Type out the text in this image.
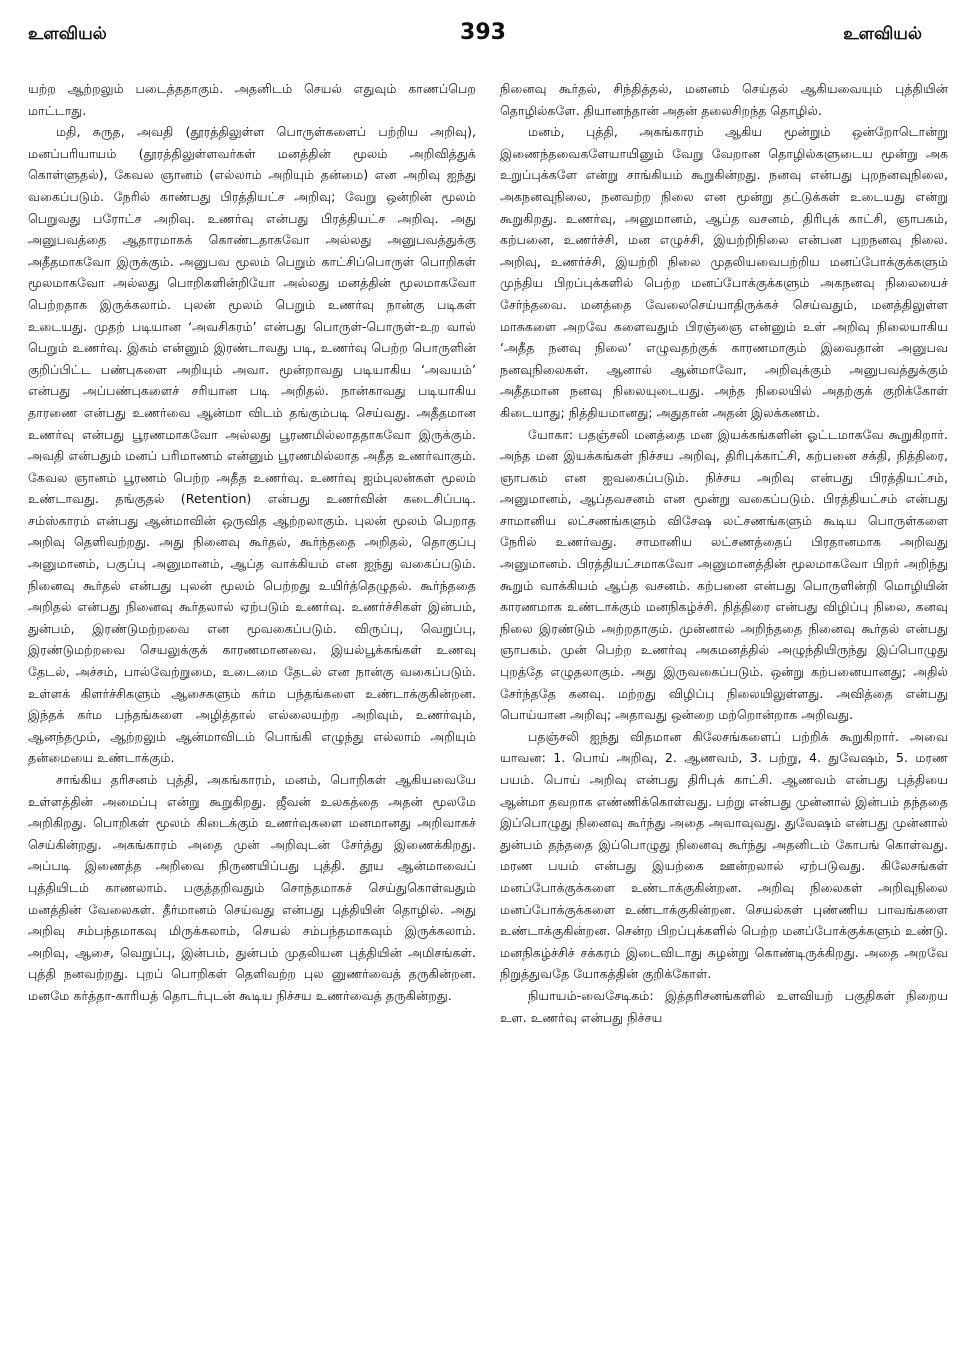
உளவியல்	393	உளவியல்

யற்ற ஆற்றலும் படைத்ததாகும். அதனிடம் செயல் எதுவும் காணப்பெற மாட்டாது.

மதி, சுருத, அவதி (தூரத்திலுள்ள பொருள்களைப் பற்றிய அறிவு), மனப்பரியாயம் (தூரத்திலுள்ளவர்கள் மனத்தின் மூலம் அறிவித்துக் கொள்ளுதல்), கேவல ஞானம் (எல்லாம் அறியும் தன்மை) என அறிவு ஐந்து வகைப்படும். நேரில் காண்பது பிரத்தியட்ச அறிவு; வேறு ஒன்றின் மூலம் பெறுவது பரோட்ச அறிவு. உணர்வு என்பது பிரத்தியட்ச அறிவு. அது அனுபவத்தை ஆதாரமாகக் கொண்டதாகவோ அல்லது அனுபவத்துக்கு அதீதமாகவோ இருக்கும். அனுபவ மூலம் பெறும் காட்சிப்பொருள் பொறிகள் மூலமாகவோ அல்லது பொறிகளின்றியோ அல்லது மனத்தின் மூலமாகவோ பெற்றதாக இருக்கலாம். புலன் மூலம் பெறும் உணர்வு நான்கு படிகள் உடையது. முதற் படியான ‘அவசிகரம்’ என்பது பொருள்-பொருள்-உற வால் பெறும் உணர்வு. இகம் என்னும் இரண்டாவது படி, உணர்வு பெற்ற பொருளின் குறிப்பிட்ட பண்புகளை அறியும் அவா. மூன்றாவது படியாகிய ‘அவயம்’ என்பது அப்பண்புகளைச் சரியான படி அறிதல். நான்காவது படியாகிய தாரணை என்பது உணர்வை ஆன்மா விடம் தங்கும்படி செய்வது. அதீதமான உணர்வு என்பது பூரணமாகவோ அல்லது பூரணமில்லாததாகவோ இருக்கும். அவதி என்பதும் மனப் பரிமாணம் என்னும் பூரணமில்லாத அதீத உணர்வாகும். கேவல ஞானம் பூரணம் பெற்ற அதீத உணர்வு. உணர்வு ஐம்புலன்கள் மூலம் உண்டாவது. தங்குதல் (Retention) என்பது உணர்வின் கடைசிப்படி. சம்ஸ்காரம் என்பது ஆன்மாவின் ஒருவித ஆற்றலாகும். புலன் மூலம் பெறாத அறிவு தெளிவற்றது. அது நினைவு கூர்தல், கூர்ந்ததை அறிதல், தொகுப்பு அனுமானம், பகுப்பு அனுமானம், ஆப்த வாக்கியம் என ஐந்து வகைப்படும். நினைவு கூர்தல் என்பது புலன் மூலம் பெற்றது உயிர்த்தெழுதல். கூர்ந்ததை அறிதல் என்பது நினைவு கூர்தலால் ஏற்படும் உணர்வு. உணர்ச்சிகள் இன்பம், துன்பம், இரண்டுமற்றவை என மூவகைப்படும். விருப்பு, வெறுப்பு, இரண்டுமற்றவை செயலுக்குக் காரணமானவை. இயல்பூக்கங்கள் உணவு தேடல், அச்சம், பால்வேற்றுமை, உடைமை தேடல் என நான்கு வகைப்படும். உள்ளக் கிளர்ச்சிகளும் ஆசைகளும் கர்ம பந்தங்களை உண்டாக்குகின்றன. இந்தக் கர்ம பந்தங்களை அழித்தால் எல்லையற்ற அறிவும், உணர்வும், ஆனந்தமும், ஆற்றலும் ஆன்மாவிடம் பொங்கி எழுந்து எல்லாம் அறியும் தன்மையை உண்டாக்கும்.

சாங்கிய தரிசனம் புத்தி, அகங்காரம், மனம், பொறிகள் ஆகியவையே உள்ளத்தின் அமைப்பு என்று கூறுகிறது. ஜீவன் உலகத்தை அதன் மூலமே அறிகிறது. பொறிகள் மூலம் கிடைக்கும் உணர்வுகளை மனமானது அறிவாகச் செய்கின்றது. அகங்காரம் அதை முன் அறிவுடன் சேர்த்து இணைக்கிறது. அப்படி இணைத்த அறிவை நிருணயிப்பது புத்தி. தூய ஆன்மாவைப் புத்தியிடம் காணலாம். பகுத்தறிவதும் சொந்தமாகச் செய்துகொள்வதும் மனத்தின் வேலைகள். தீர்மானம் செய்வது என்பது புத்தியின் தொழில். அது அறிவு சம்பந்தமாகவு மிருக்கலாம், செயல் சம்பந்தமாகவும் இருக்கலாம். அறிவு, ஆசை, வெறுப்பு, இன்பம், துன்பம் முதலியன புத்தியின் அமிசங்கள். புத்தி நனவற்றது. புறப் பொறிகள் தெளிவற்ற புல னுணர்வைத் தருகின்றன. மனமே கர்த்தா-காரியத் தொடர்புடன் கூடிய நிச்சய உணர்வைத் தருகின்றது.

நினைவு கூர்தல், சிந்தித்தல், மனனம் செய்தல் ஆகியவையும் புத்தியின் தொழில்களே. தியானந்தான் அதன் தலைசிறந்த தொழில்.

மனம், புத்தி, அகங்காரம் ஆகிய மூன்றும் ஒன்றோடொன்று இணைந்தவைகளேயாயினும் வேறு வேறான தொழில்களுடைய மூன்று அக உறுப்புக்களே என்று சாங்கியம் கூறுகின்றது. நனவு என்பது புறநனவுநிலை, அகநனவுநிலை, நனவற்ற நிலை என மூன்று தட்டுக்கள் உடையது என்று கூறுகிறது. உணர்வு, அனுமானம், ஆப்த வசனம், திரிபுக் காட்சி, ஞாபகம், கற்பனை, உணர்ச்சி, மன எழுச்சி, இயற்றிநிலை என்பன புறநனவு நிலை. அறிவு, உணர்ச்சி, இயற்றி நிலை முதலியவைபற்றிய மனப்போக்குக்களும் முந்திய பிறப்புக்களில் பெற்ற மனப்போக்குக்களும் அகநனவு நிலையைச் சேர்ந்தவை. மனத்தை வேலைசெய்யாதிருக்கச் செய்வதும், மனத்திலுள்ள மாசுகளை அறவே களைவதும் பிரஞ்ஞை என்னும் உள் அறிவு நிலையாகிய ‘அதீத நனவு நிலை’ எழுவதற்குக் காரணமாகும் இவைதான் அனுபவ நனவுநிலைகள். ஆனால் ஆன்மாவோ, அறிவுக்கும் அனுபவத்துக்கும் அதீதமான நனவு நிலையுடையது. அந்த நிலையில் அதற்குக் குறிக்கோள் கிடையாது; நித்தியமானது; அதுதான் அதன் இலக்கணம்.

யோகா: பதஞ்சலி மனத்தை மன இயக்கங்களின் ஓட்டமாகவே கூறுகிறார். அந்த மன இயக்கங்கள் நிச்சய அறிவு, திரிபுக்காட்சி, கற்பனை சக்தி, நித்திரை, ஞாபகம் என ஐவகைப்படும். நிச்சய அறிவு என்பது பிரத்தியட்சம், அனுமானம், ஆப்தவசனம் என மூன்று வகைப்படும். பிரத்தியட்சம் என்பது சாமானிய லட்சணங்களும் விசேஷ லட்சணங்களும் கூடிய பொருள்களை நேரில் உணர்வது. சாமானிய லட்சணத்தைப் பிரதானமாக அறிவது அனுமானம். பிரத்தியட்சமாகவோ அனுமானத்தின் மூலமாகவோ பிறர் அறிந்து கூறும் வாக்கியம் ஆப்த வசனம். கற்பனை என்பது பொருளின்றி மொழியின் காரணமாக உண்டாக்கும் மனநிகழ்ச்சி. நித்திரை என்பது விழிப்பு நிலை, கனவு நிலை இரண்டும் அற்றதாகும். முன்னால் அறிந்ததை நினைவு கூர்தல் என்பது ஞாபகம். முன் பெற்ற உணர்வு அகமனத்தில் அழுந்தியிருந்து இப்பொழுது புறத்தே எழுதலாகும். அது இருவகைப்படும். ஒன்று கற்பனையானது; அதில் சேர்ந்ததே கனவு. மற்றது விழிப்பு நிலையிலுள்ளது. அவித்தை என்பது பொய்யான அறிவு; அதாவது ஒன்றை மற்றொன்றாக அறிவது.

பதஞ்சலி ஐந்து விதமான கிலேசங்களைப் பற்றிக் கூறுகிறார். அவை யாவன: 1. பொய் அறிவு, 2. ஆணவம், 3. பற்று, 4. துவேஷம், 5. மரண பயம். பொய் அறிவு என்பது திரிபுக் காட்சி. ஆணவம் என்பது புத்தியை ஆன்மா தவறாக எண்ணிக்கொள்வது. பற்று என்பது முன்னால் இன்பம் தந்ததை இப்பொழுது நினைவு கூர்ந்து அதை அவாவுவது. துவேஷம் என்பது முன்னால் துன்பம் தந்ததை இப்பொழுது நினைவு கூர்ந்து அதனிடம் கோபங் கொள்வது. மரண பயம் என்பது இயற்கை ஊன்றலால் ஏற்படுவது. கிலேசங்கள் மனப்போக்குக்களை உண்டாக்குகின்றன. அறிவு நிலைகள் அறிவுநிலை மனப்போக்குக்களை உண்டாக்குகின்றன. செயல்கள் புண்ணிய பாவங்களை உண்டாக்குகின்றன. சென்ற பிறப்புக்களில் பெற்ற மனப்போக்குக்களும் உண்டு. மனநிகழ்ச்சிச் சக்கரம் இடைவிடாது சுழன்று கொண்டிருக்கிறது. அதை அறவே நிறுத்துவதே யோகத்தின் குறிக்கோள்.

நியாயம்-வைசேடிகம்: இத்தரிசனங்களில் உளவியற் பகுதிகள் நிறைய உள. உணர்வு என்பது நிச்சய
